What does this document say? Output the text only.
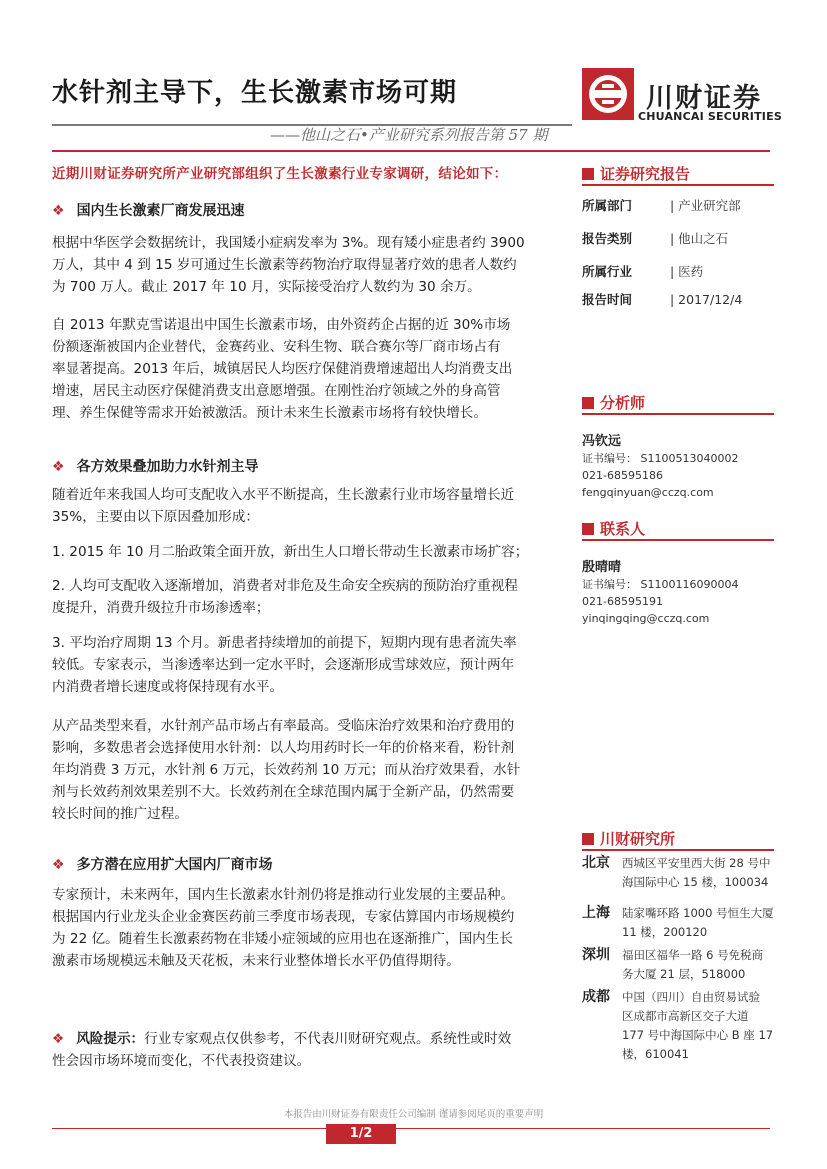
水针剂主导下，生长激素市场可期	川财证券
CHUANCAI SECURITIES
——他山之石•产业研究系列报告第 57 期
近期川财证券研究所产业研究部组织了生长激素行业专家调研，结论如下：
❖ 国内生长激素厂商发展迅速
根据中华医学会数据统计，我国矮小症病发率为 3%。现有矮小症患者约 3900
万人，其中 4 到 15 岁可通过生长激素等药物治疗取得显著疗效的患者人数约
为 700 万人。截止 2017 年 10 月，实际接受治疗人数约为 30 余万。
自 2013 年默克雪诺退出中国生长激素市场，由外资药企占据的近 30%市场
份额逐渐被国内企业替代，金赛药业、安科生物、联合赛尔等厂商市场占有
率显著提高。2013 年后，城镇居民人均医疗保健消费增速超出人均消费支出
增速，居民主动医疗保健消费支出意愿增强。在刚性治疗领域之外的身高管
理、养生保健等需求开始被激活。预计未来生长激素市场将有较快增长。
❖ 各方效果叠加助力水针剂主导
随着近年来我国人均可支配收入水平不断提高，生长激素行业市场容量增长近
35%，主要由以下原因叠加形成：
1. 2015 年 10 月二胎政策全面开放，新出生人口增长带动生长激素市场扩容；
2. 人均可支配收入逐渐增加，消费者对非危及生命安全疾病的预防治疗重视程
度提升，消费升级拉升市场渗透率；
3. 平均治疗周期 13 个月。新患者持续增加的前提下，短期内现有患者流失率
较低。专家表示，当渗透率达到一定水平时，会逐渐形成雪球效应，预计两年
内消费者增长速度或将保持现有水平。
从产品类型来看，水针剂产品市场占有率最高。受临床治疗效果和治疗费用的
影响，多数患者会选择使用水针剂：以人均用药时长一年的价格来看，粉针剂
年均消费 3 万元，水针剂 6 万元，长效药剂 10 万元；而从治疗效果看，水针
剂与长效药剂效果差别不大。长效药剂在全球范围内属于全新产品，仍然需要
较长时间的推广过程。
❖ 多方潜在应用扩大国内厂商市场
专家预计，未来两年，国内生长激素水针剂仍将是推动行业发展的主要品种。
根据国内行业龙头企业金赛医药前三季度市场表现，专家估算国内市场规模约
为 22 亿。随着生长激素药物在非矮小症领域的应用也在逐渐推广，国内生长
激素市场规模远未触及天花板，未来行业整体增长水平仍值得期待。
❖ 风险提示：行业专家观点仅供参考，不代表川财研究观点。系统性或时效
性会因市场环境而变化，不代表投资建议。
证券研究报告
所属部门	| 产业研究部
报告类别	| 他山之石
所属行业	| 医药
报告时间	| 2017/12/4
分析师
冯钦远
证书编号： S1100513040002
021-68595186
fengqinyuan@cczq.com
联系人
殷晴晴
证书编号： S1100116090004
021-68595191
yinqingqing@cczq.com
川财研究所
北京 西城区平安里西大街 28 号中
海国际中心 15 楼，100034
上海 陆家嘴环路 1000 号恒生大厦
11 楼，200120
深圳 福田区福华一路 6 号免税商
务大厦 21 层，518000
成都 中国（四川）自由贸易试验
区成都市高新区交子大道
177 号中海国际中心 B 座 17
楼，610041
本报告由川财证券有限责任公司编制 谨请参阅尾页的重要声明
1/2
